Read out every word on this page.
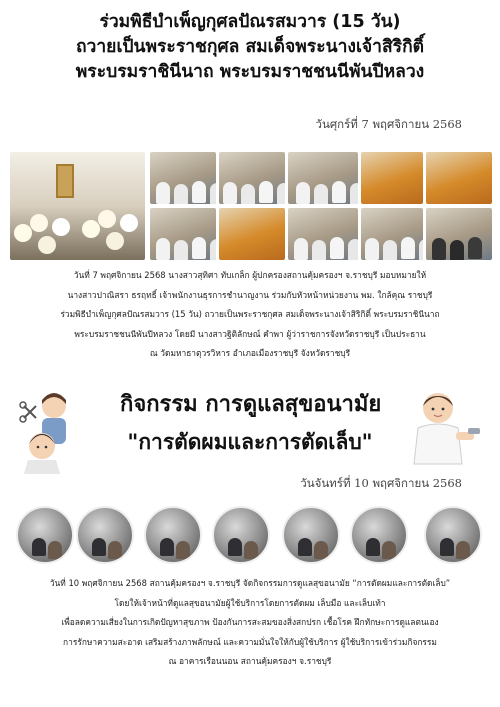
ร่วมพิธีบำเพ็ญกุศลปัณรสมวาร (15 วัน)
ถวายเป็นพระราชกุศล สมเด็จพระนางเจ้าสิริกิติ์
พระบรมราชินีนาถ พระบรมราชชนนีพันปีหลวง
วันศุกร์ที่ 7 พฤศจิกายน 2568
วันที่ 7 พฤศจิกายน 2568 นางสาวสุทิศา ทับเกล็ก ผู้ปกครองสถานคุ้มครองฯ จ.ราชบุรี มอบหมายให้
นางสาวปาณิสรา ธรฤทธิ์ เจ้าพนักงานธุรการชำนาญงาน ร่วมกับหัวหน้าหน่วยงาน พม. ใกล้คุณ ราชบุรี
ร่วมพิธีบำเพ็ญกุศลปัณรสมวาร (15 วัน) ถวายเป็นพระราชกุศล สมเด็จพระนางเจ้าสิริกิติ์ พระบรมราชินีนาถ
พระบรมราชชนนีพันปีหลวง โดยมี นางสาวฐิติลักษณ์ คำพา ผู้ว่าราชการจังหวัดราชบุรี เป็นประธาน
ณ วัดมหาธาตุวรวิหาร อำเภอเมืองราชบุรี จังหวัดราชบุรี
กิจกรรม การดูแลสุขอนามัย
"การตัดผมและการตัดเล็บ"
วันจันทร์ที่ 10 พฤศจิกายน 2568
วันที่ 10 พฤศจิกายน 2568 สถานคุ้มครองฯ จ.ราชบุรี จัดกิจกรรมการดูแลสุขอนามัย “การตัดผมและการตัดเล็บ”
โดยให้เจ้าหน้าที่ดูแลสุขอนามัยผู้ใช้บริการโดยการตัดผม เล็บมือ และเล็บเท้า
เพื่อลดความเสี่ยงในการเกิดปัญหาสุขภาพ ป้องกันการสะสมของสิ่งสกปรก เชื้อโรค ฝึกทักษะการดูแลตนเอง
การรักษาความสะอาด เสริมสร้างภาพลักษณ์ และความมั่นใจให้กับผู้ใช้บริการ ผู้ใช้บริการเข้าร่วมกิจกรรม
ณ อาคารเรือนนอน สถานคุ้มครองฯ จ.ราชบุรี
